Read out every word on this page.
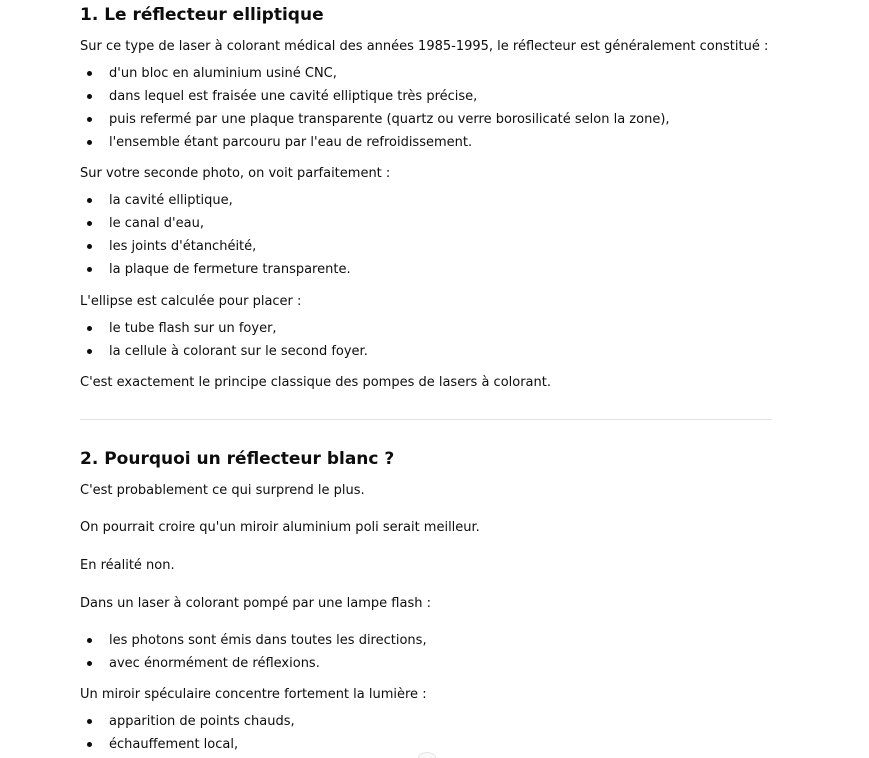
1. Le réflecteur elliptique

Sur ce type de laser à colorant médical des années 1985-1995, le réflecteur est généralement constitué :

d'un bloc en aluminium usiné CNC,
dans lequel est fraisée une cavité elliptique très précise,
puis refermé par une plaque transparente (quartz ou verre borosilicaté selon la zone),
l'ensemble étant parcouru par l'eau de refroidissement.

Sur votre seconde photo, on voit parfaitement :

la cavité elliptique,
le canal d'eau,
les joints d'étanchéité,
la plaque de fermeture transparente.

L'ellipse est calculée pour placer :

le tube flash sur un foyer,
la cellule à colorant sur le second foyer.

C'est exactement le principe classique des pompes de lasers à colorant.

2. Pourquoi un réflecteur blanc ?

C'est probablement ce qui surprend le plus.

On pourrait croire qu'un miroir aluminium poli serait meilleur.

En réalité non.

Dans un laser à colorant pompé par une lampe flash :

les photons sont émis dans toutes les directions,
avec énormément de réflexions.

Un miroir spéculaire concentre fortement la lumière :

apparition de points chauds,
échauffement local,
